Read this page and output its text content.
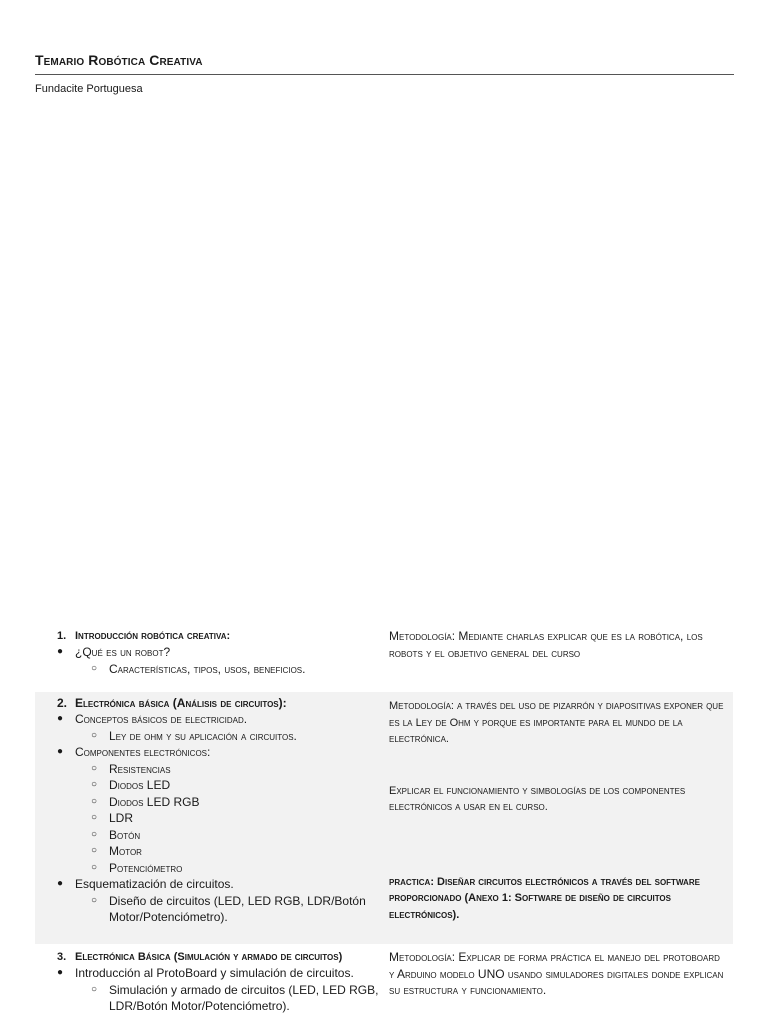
Temario Robótica Creativa
Fundacite Portuguesa
1. Introducción robótica creativa:
● ¿Qué es un robot?
○ Características, tipos, usos, beneficios.
Metodología: Mediante charlas explicar que es la robótica, los robots y el objetivo general del curso
2. Electrónica básica (Análisis de circuitos):
● Conceptos básicos de electricidad.
○ Ley de ohm y su aplicación a circuitos.
● Componentes electrónicos:
○ Resistencias
○ Diodos LED
○ Diodos LED RGB
○ LDR
○ Botón
○ Motor
○ Potenciómetro
● Esquematización de circuitos.
○ Diseño de circuitos (LED, LED RGB, LDR/Botón Motor/Potenciómetro).
Metodología: a través del uso de pizarrón y diapositivas exponer que es la Ley de Ohm y porque es importante para el mundo de la electrónica.
Explicar el funcionamiento y simbologías de los componentes electrónicos a usar en el curso.
practica: Diseñar circuitos electrónicos a través del software proporcionado (Anexo 1: Software de diseño de circuitos electrónicos).
3. Electrónica Básica (Simulación y armado de circuitos)
● Introducción al ProtoBoard y simulación de circuitos.
○ Simulación y armado de circuitos (LED, LED RGB, LDR/Botón Motor/Potenciómetro).
Metodología: Explicar de forma práctica el manejo del protoboard y Arduino modelo UNO usando simuladores digitales donde explican su estructura y funcionamiento.
